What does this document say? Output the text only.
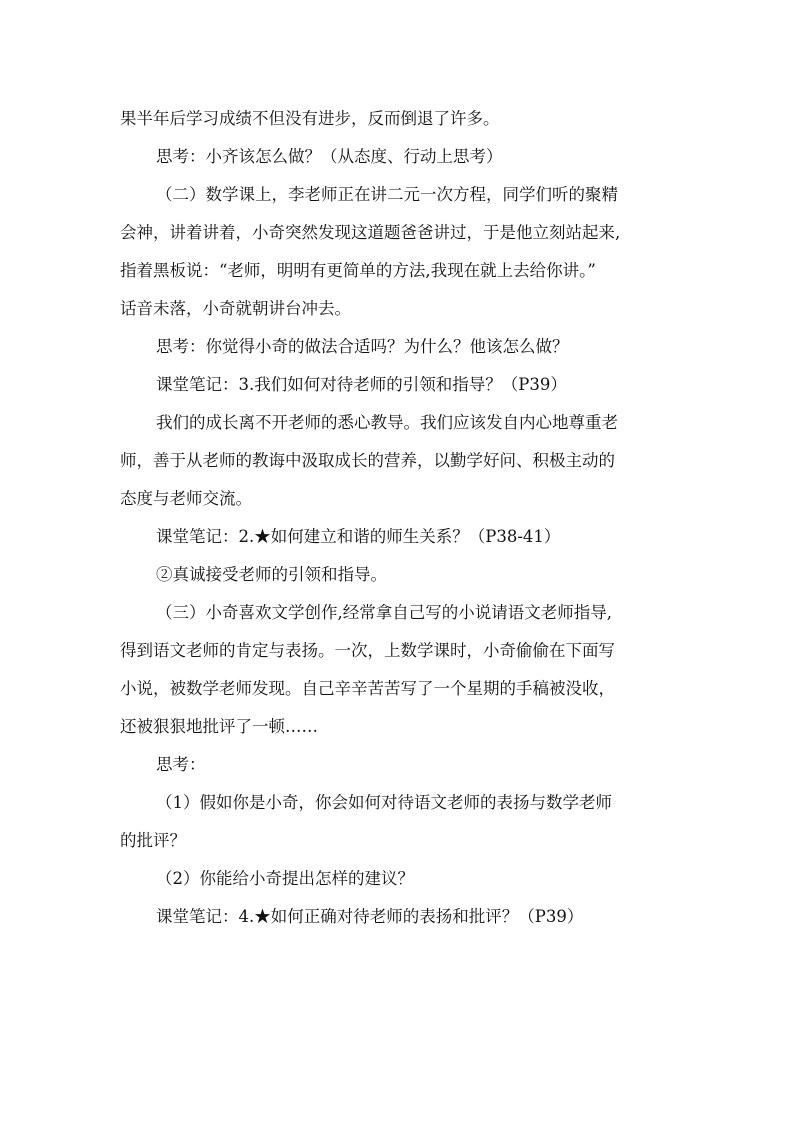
果半年后学习成绩不但没有进步，反而倒退了许多。
思考：小齐该怎么做？（从态度、行动上思考）
（二）数学课上，李老师正在讲二元一次方程，同学们听的聚精
会神，讲着讲着，小奇突然发现这道题爸爸讲过，于是他立刻站起来,
指着黑板说：“老师，明明有更简单的方法,我现在就上去给你讲。”
话音未落，小奇就朝讲台冲去。
思考：你觉得小奇的做法合适吗？为什么？他该怎么做？
课堂笔记：3.我们如何对待老师的引领和指导？（P39）
我们的成长离不开老师的悉心教导。我们应该发自内心地尊重老
师，善于从老师的教诲中汲取成长的营养，以勤学好问、积极主动的
态度与老师交流。
课堂笔记：2.★如何建立和谐的师生关系？（P38-41）
②真诚接受老师的引领和指导。
（三）小奇喜欢文学创作,经常拿自己写的小说请语文老师指导,
得到语文老师的肯定与表扬。一次，上数学课时，小奇偷偷在下面写
小说，被数学老师发现。自己辛辛苦苦写了一个星期的手稿被没收，
还被狠狠地批评了一顿……
思考：
（1）假如你是小奇，你会如何对待语文老师的表扬与数学老师
的批评？
（2）你能给小奇提出怎样的建议？
课堂笔记：4.★如何正确对待老师的表扬和批评？（P39）
